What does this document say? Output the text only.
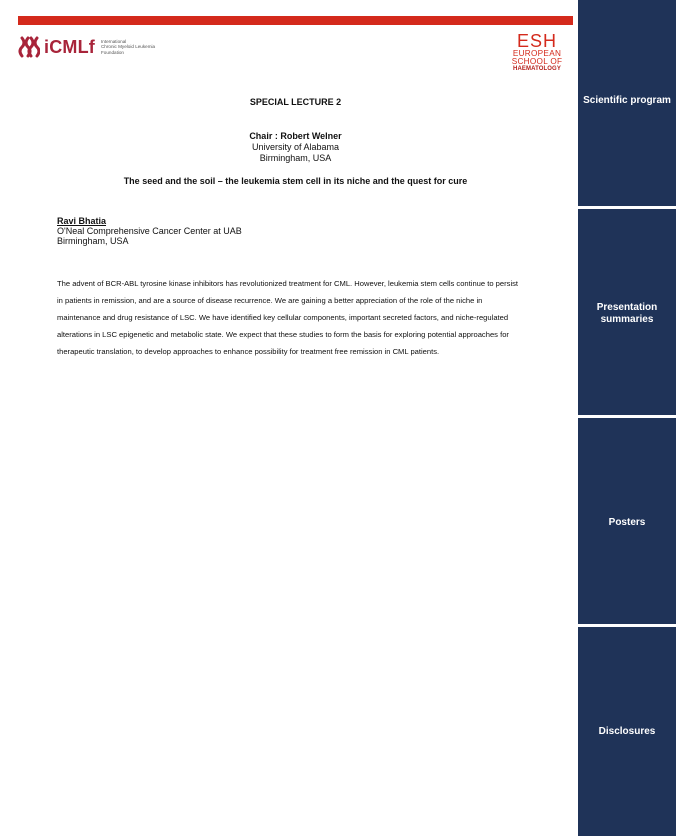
iCMLf International
Chronic Myeloid Leukemia
Foundation
ESH
EUROPEAN
SCHOOL OF
HAEMATOLOGY
SPECIAL LECTURE 2
Chair : Robert Welner
University of Alabama
Birmingham, USA
The seed and the soil – the leukemia stem cell in its niche and the quest for cure
Ravi Bhatia
O'Neal Comprehensive Cancer Center at UAB
Birmingham, USA

The advent of BCR-ABL tyrosine kinase inhibitors has revolutionized treatment for CML. However, leukemia stem cells continue to persist in patients in remission, and are a source of disease recurrence. We are gaining a better appreciation of the role of the niche in maintenance and drug resistance of LSC. We have identified key cellular components, important secreted factors, and niche-regulated alterations in LSC epigenetic and metabolic state. We expect that these studies to form the basis for exploring potential approaches for therapeutic translation, to develop approaches to enhance possibility for treatment free remission in CML patients.

Scientific program
Presentation summaries
Posters
Disclosures
